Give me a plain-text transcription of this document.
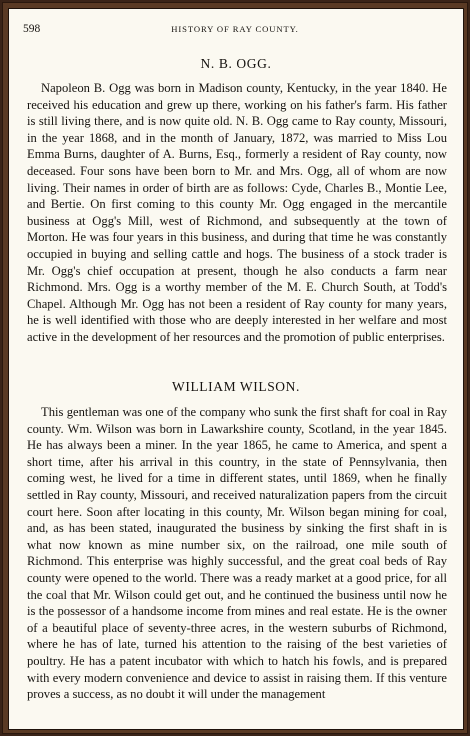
598	HISTORY OF RAY COUNTY.
N. B. OGG.

Napoleon B. Ogg was born in Madison county, Kentucky, in the year 1840. He received his education and grew up there, working on his father's farm. His father is still living there, and is now quite old. N. B. Ogg came to Ray county, Missouri, in the year 1868, and in the month of January, 1872, was married to Miss Lou Emma Burns, daughter of A. Burns, Esq., formerly a resident of Ray county, now deceased. Four sons have been born to Mr. and Mrs. Ogg, all of whom are now living. Their names in order of birth are as follows: Cyde, Charles B., Montie Lee, and Bertie. On first coming to this county Mr. Ogg engaged in the mercantile business at Ogg's Mill, west of Richmond, and subsequently at the town of Morton. He was four years in this business, and during that time he was constantly occupied in buying and selling cattle and hogs. The business of a stock trader is Mr. Ogg's chief occupation at present, though he also conducts a farm near Richmond. Mrs. Ogg is a worthy member of the M. E. Church South, at Todd's Chapel. Although Mr. Ogg has not been a resident of Ray county for many years, he is well identified with those who are deeply interested in her welfare and most active in the development of her resources and the promotion of public enterprises.

WILLIAM WILSON.

This gentleman was one of the company who sunk the first shaft for coal in Ray county. Wm. Wilson was born in Lawarkshire county, Scotland, in the year 1845. He has always been a miner. In the year 1865, he came to America, and spent a short time, after his arrival in this country, in the state of Pennsylvania, then coming west, he lived for a time in different states, until 1869, when he finally settled in Ray county, Missouri, and received naturalization papers from the circuit court here. Soon after locating in this county, Mr. Wilson began mining for coal, and, as has been stated, inaugurated the business by sinking the first shaft in is what now known as mine number six, on the railroad, one mile south of Richmond. This enterprise was highly successful, and the great coal beds of Ray county were opened to the world. There was a ready market at a good price, for all the coal that Mr. Wilson could get out, and he continued the business until now he is the possessor of a handsome income from mines and real estate. He is the owner of a beautiful place of seventy-three acres, in the western suburbs of Richmond, where he has of late, turned his attention to the raising of the best varieties of poultry. He has a patent incubator with which to hatch his fowls, and is prepared with every modern convenience and device to assist in raising them. If this venture proves a success, as no doubt it will under the management
